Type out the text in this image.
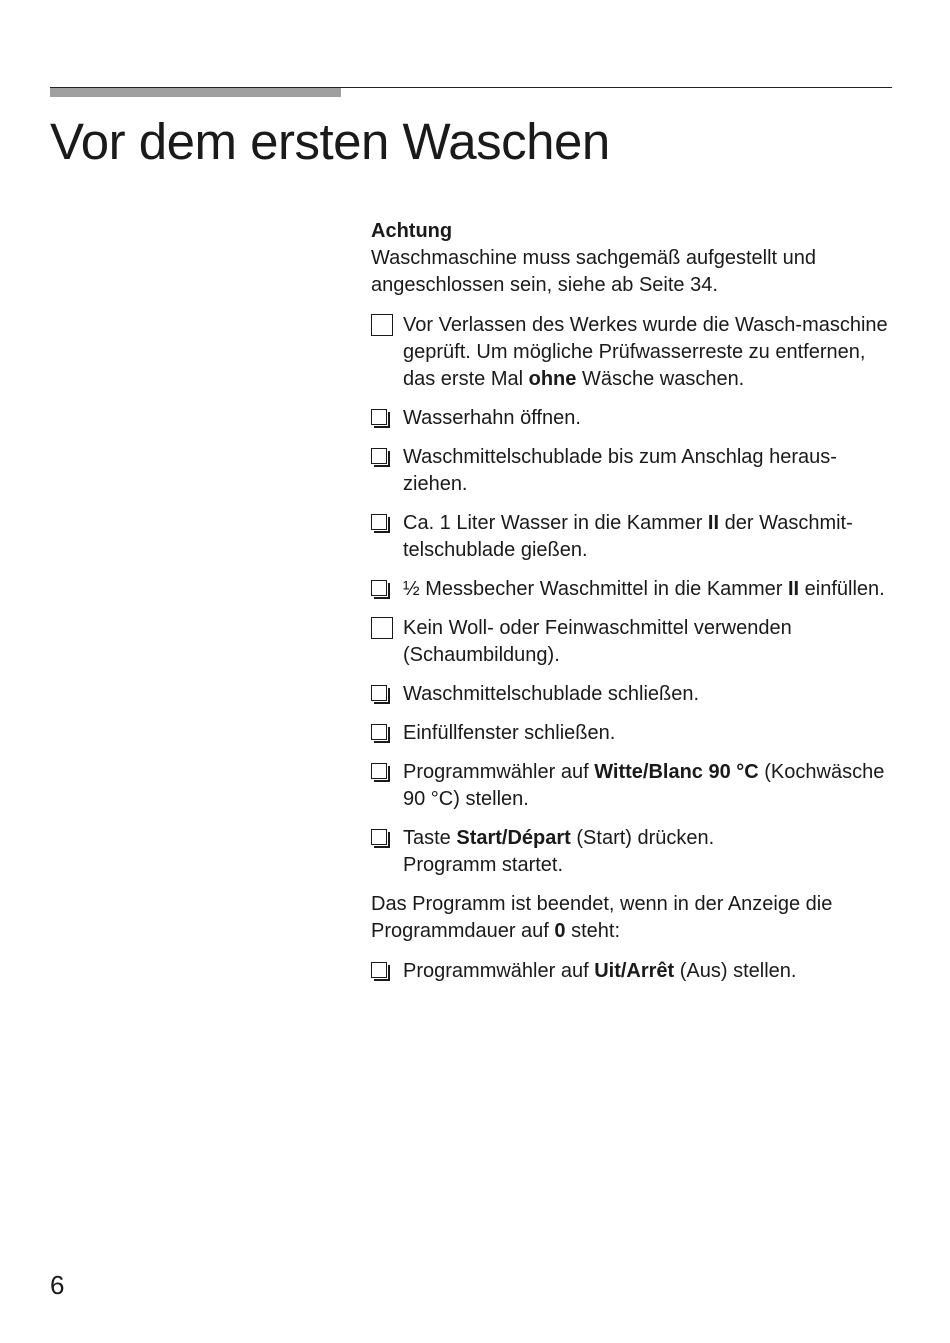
Vor dem ersten Waschen
Achtung
Waschmaschine muss sachgemäß aufgestellt und angeschlossen sein, siehe ab Seite 34.
Vor Verlassen des Werkes wurde die Wasch-maschine geprüft. Um mögliche Prüfwasserreste zu entfernen, das erste Mal ohne Wäsche waschen.
Wasserhahn öffnen.
Waschmittelschublade bis zum Anschlag heraus-ziehen.
Ca. 1 Liter Wasser in die Kammer II der Waschmit-telschublade gießen.
½ Messbecher Waschmittel in die Kammer II einfüllen.
Kein Woll- oder Feinwaschmittel verwenden (Schaumbildung).
Waschmittelschublade schließen.
Einfüllfenster schließen.
Programmwähler auf Witte/Blanc 90 °C (Kochwäsche 90 °C) stellen.
Taste Start/Départ (Start) drücken.
Programm startet.
Das Programm ist beendet, wenn in der Anzeige die Programmdauer auf 0 steht:
Programmwähler auf Uit/Arrêt (Aus) stellen.
6
